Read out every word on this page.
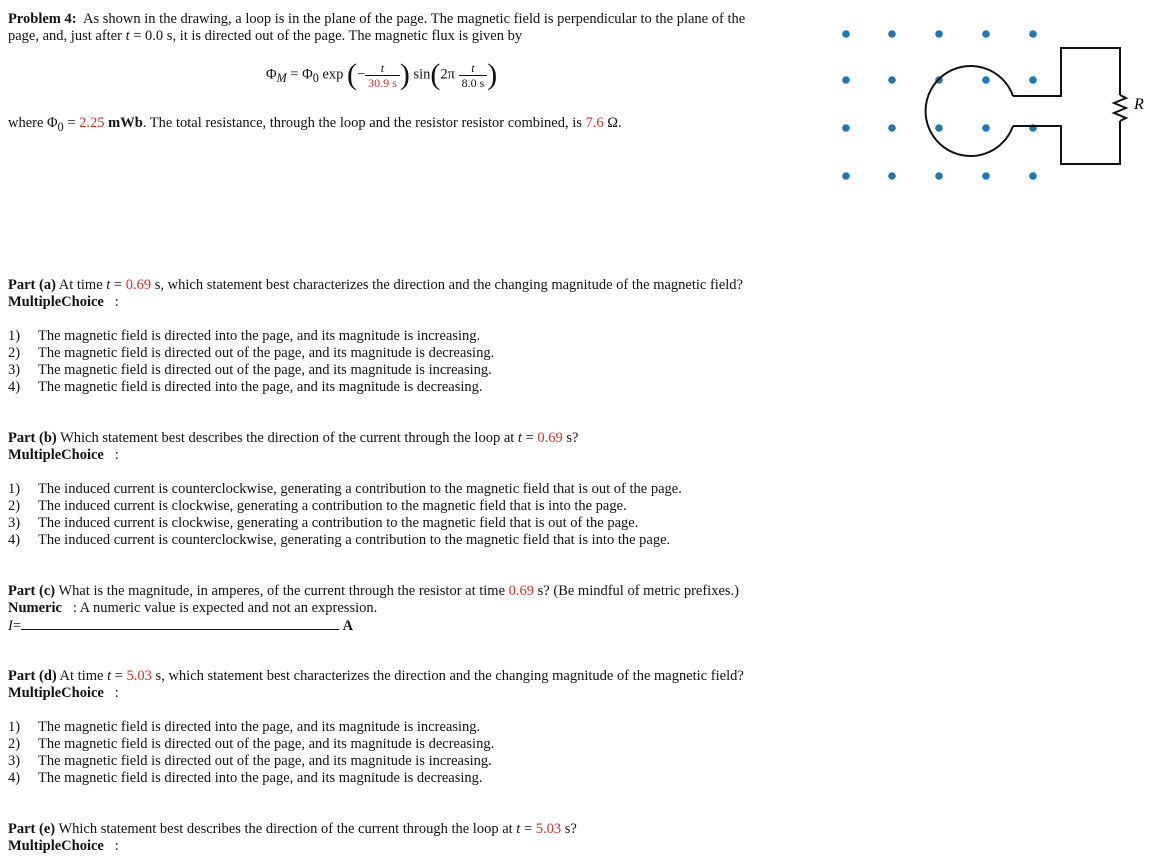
Problem 4: As shown in the drawing, a loop is in the plane of the page. The magnetic field is perpendicular to the plane of the
page, and, just after t = 0.0 s, it is directed out of the page. The magnetic flux is given by
$\Phi_M = \Phi_0$ exp (− $\frac{t}{30.9 s}$ ) $\sin(2\pi \frac{t}{8.0 s}$ )
where $\Phi_0 = 2.25$ mWb. The total resistance, through the loop and the resistor resistor combined, is 7.6 Ω.
R
Part (a) At time t = 0.69 s, which statement best characterizes the direction and the changing magnitude of the magnetic field?
MultipleChoice :
1) The magnetic field is directed into the page, and its magnitude is increasing.
2) The magnetic field is directed out of the page, and its magnitude is decreasing.
3) The magnetic field is directed out of the page, and its magnitude is increasing.
4) The magnetic field is directed into the page, and its magnitude is decreasing.
Part (b) Which statement best describes the direction of the current through the loop at t = 0.69 s?
MultipleChoice :
1) The induced current is counterclockwise, generating a contribution to the magnetic field that is out of the page.
2) The induced current is clockwise, generating a contribution to the magnetic field that is into the page.
3) The induced current is clockwise, generating a contribution to the magnetic field that is out of the page.
4) The induced current is counterclockwise, generating a contribution to the magnetic field that is into the page.
Part (c) What is the magnitude, in amperes, of the current through the resistor at time 0.69 s? (Be mindful of metric prefixes.)
Numeric : A numeric value is expected and not an expression.
I=	A
Part (d) At time t = 5.03 s, which statement best characterizes the direction and the changing magnitude of the magnetic field?
MultipleChoice :
1) The magnetic field is directed into the page, and its magnitude is increasing.
2) The magnetic field is directed out of the page, and its magnitude is decreasing.
3) The magnetic field is directed out of the page, and its magnitude is increasing.
4) The magnetic field is directed into the page, and its magnitude is decreasing.
Part (e) Which statement best describes the direction of the current through the loop at t = 5.03 s?
MultipleChoice :
